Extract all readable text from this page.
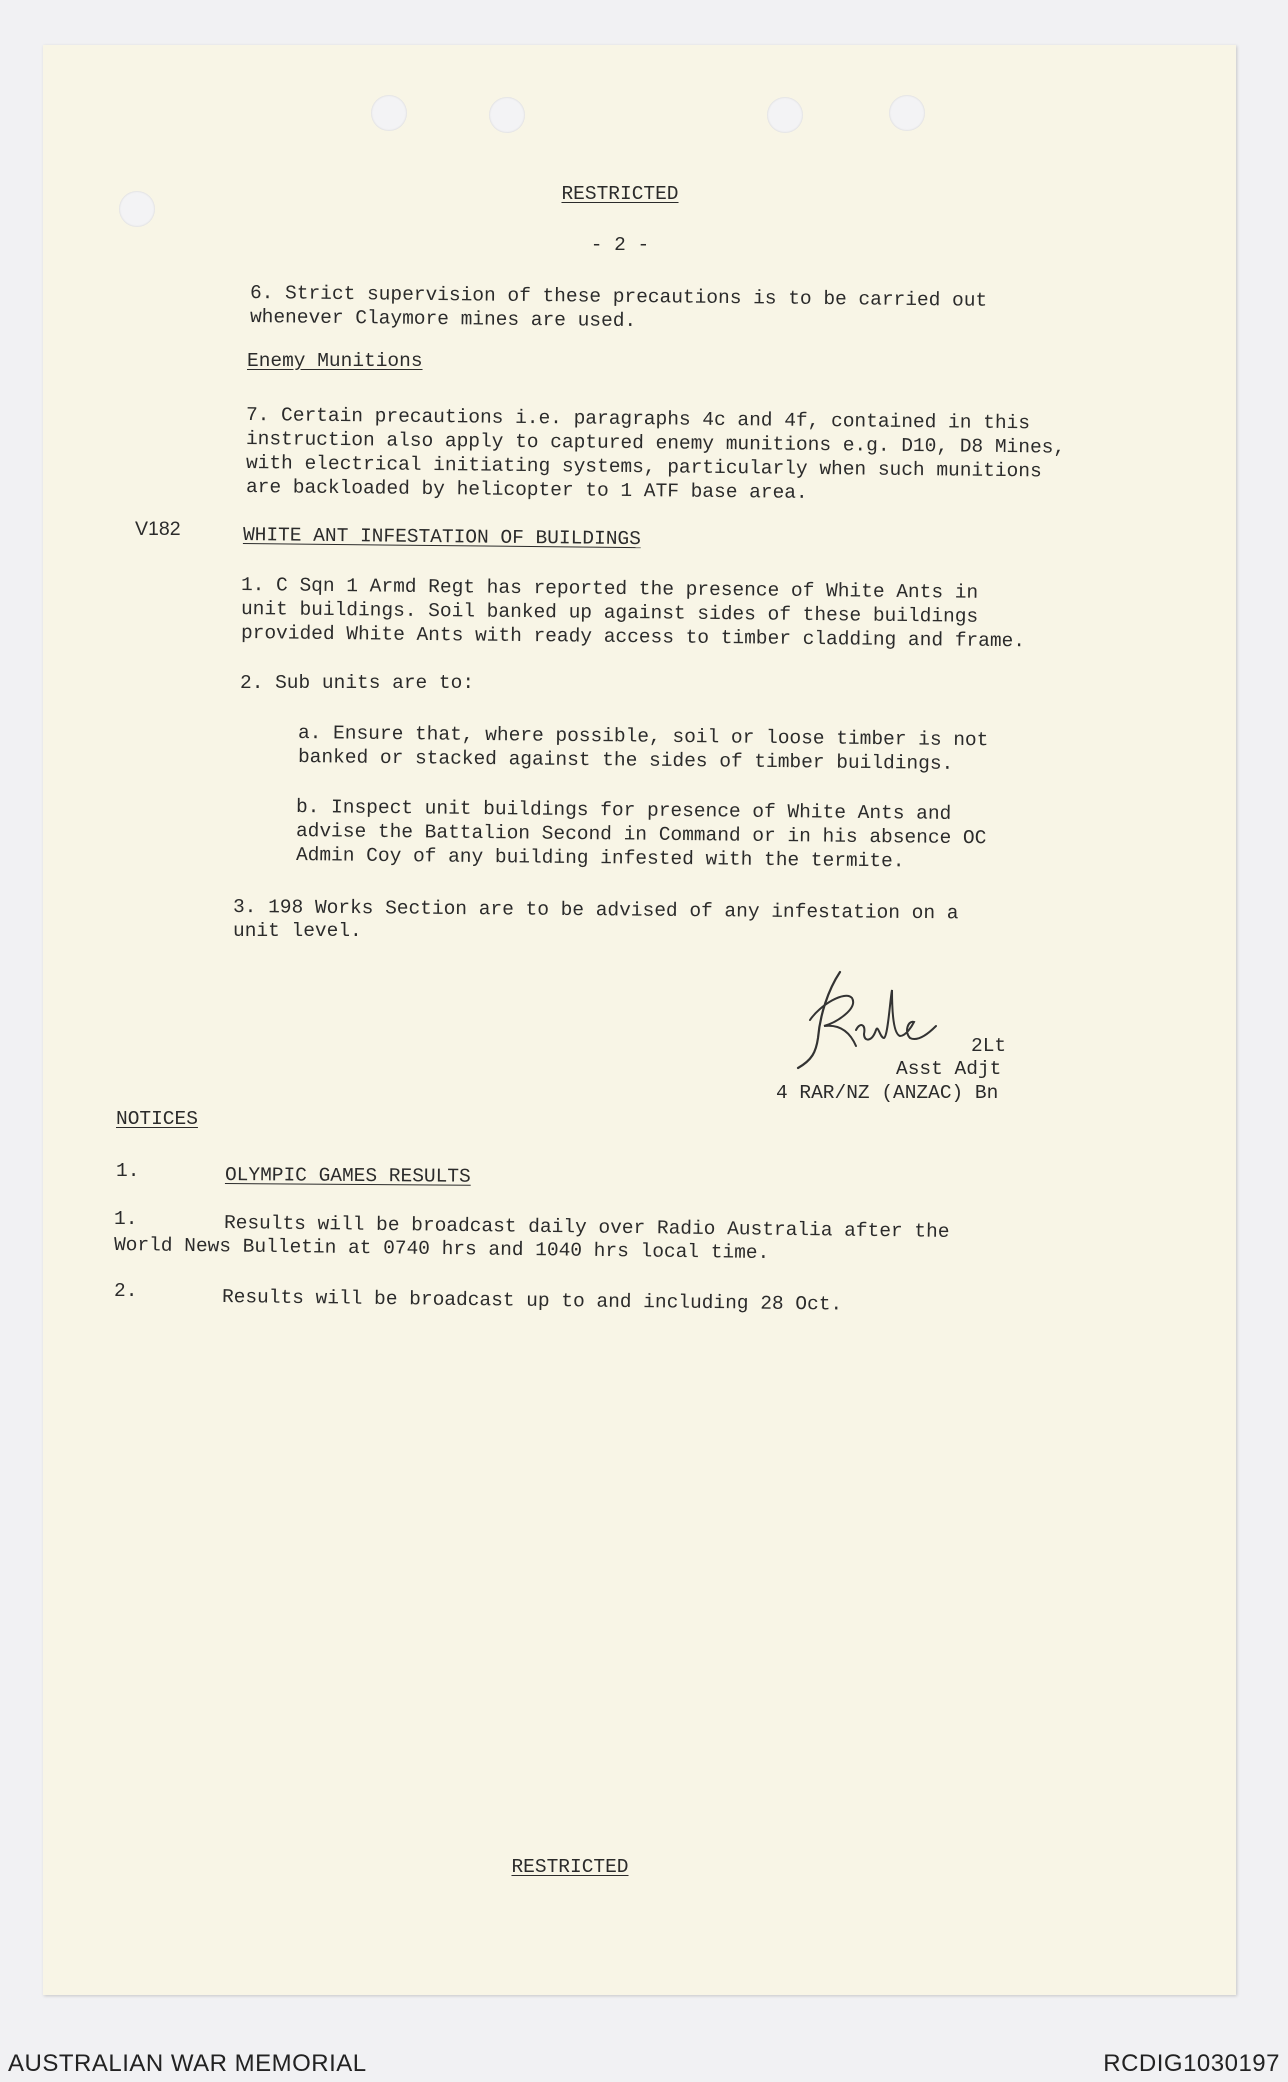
RESTRICTED
- 2 -
6. Strict supervision of these precautions is to be carried out
whenever Claymore mines are used.
Enemy Munitions
7. Certain precautions i.e. paragraphs 4c and 4f, contained in this
instruction also apply to captured enemy munitions e.g. D10, D8 Mines,
with electrical initiating systems, particularly when such munitions
are backloaded by helicopter to 1 ATF base area.
V182	WHITE ANT INFESTATION OF BUILDINGS
1. C Sqn 1 Armd Regt has reported the presence of White Ants in
unit buildings. Soil banked up against sides of these buildings
provided White Ants with ready access to timber cladding and frame.
2. Sub units are to:
a. Ensure that, where possible, soil or loose timber is not
banked or stacked against the sides of timber buildings.
b. Inspect unit buildings for presence of White Ants and
advise the Battalion Second in Command or in his absence OC
Admin Coy of any building infested with the termite.
3. 198 Works Section are to be advised of any infestation on a
unit level.
2Lt
Asst Adjt
4 RAR/NZ (ANZAC) Bn
NOTICES
1.	OLYMPIC GAMES RESULTS
1.	Results will be broadcast daily over Radio Australia after the
World News Bulletin at 0740 hrs and 1040 hrs local time.
2.	Results will be broadcast up to and including 28 Oct.
RESTRICTED
AUSTRALIAN WAR MEMORIAL	RCDIG1030197
